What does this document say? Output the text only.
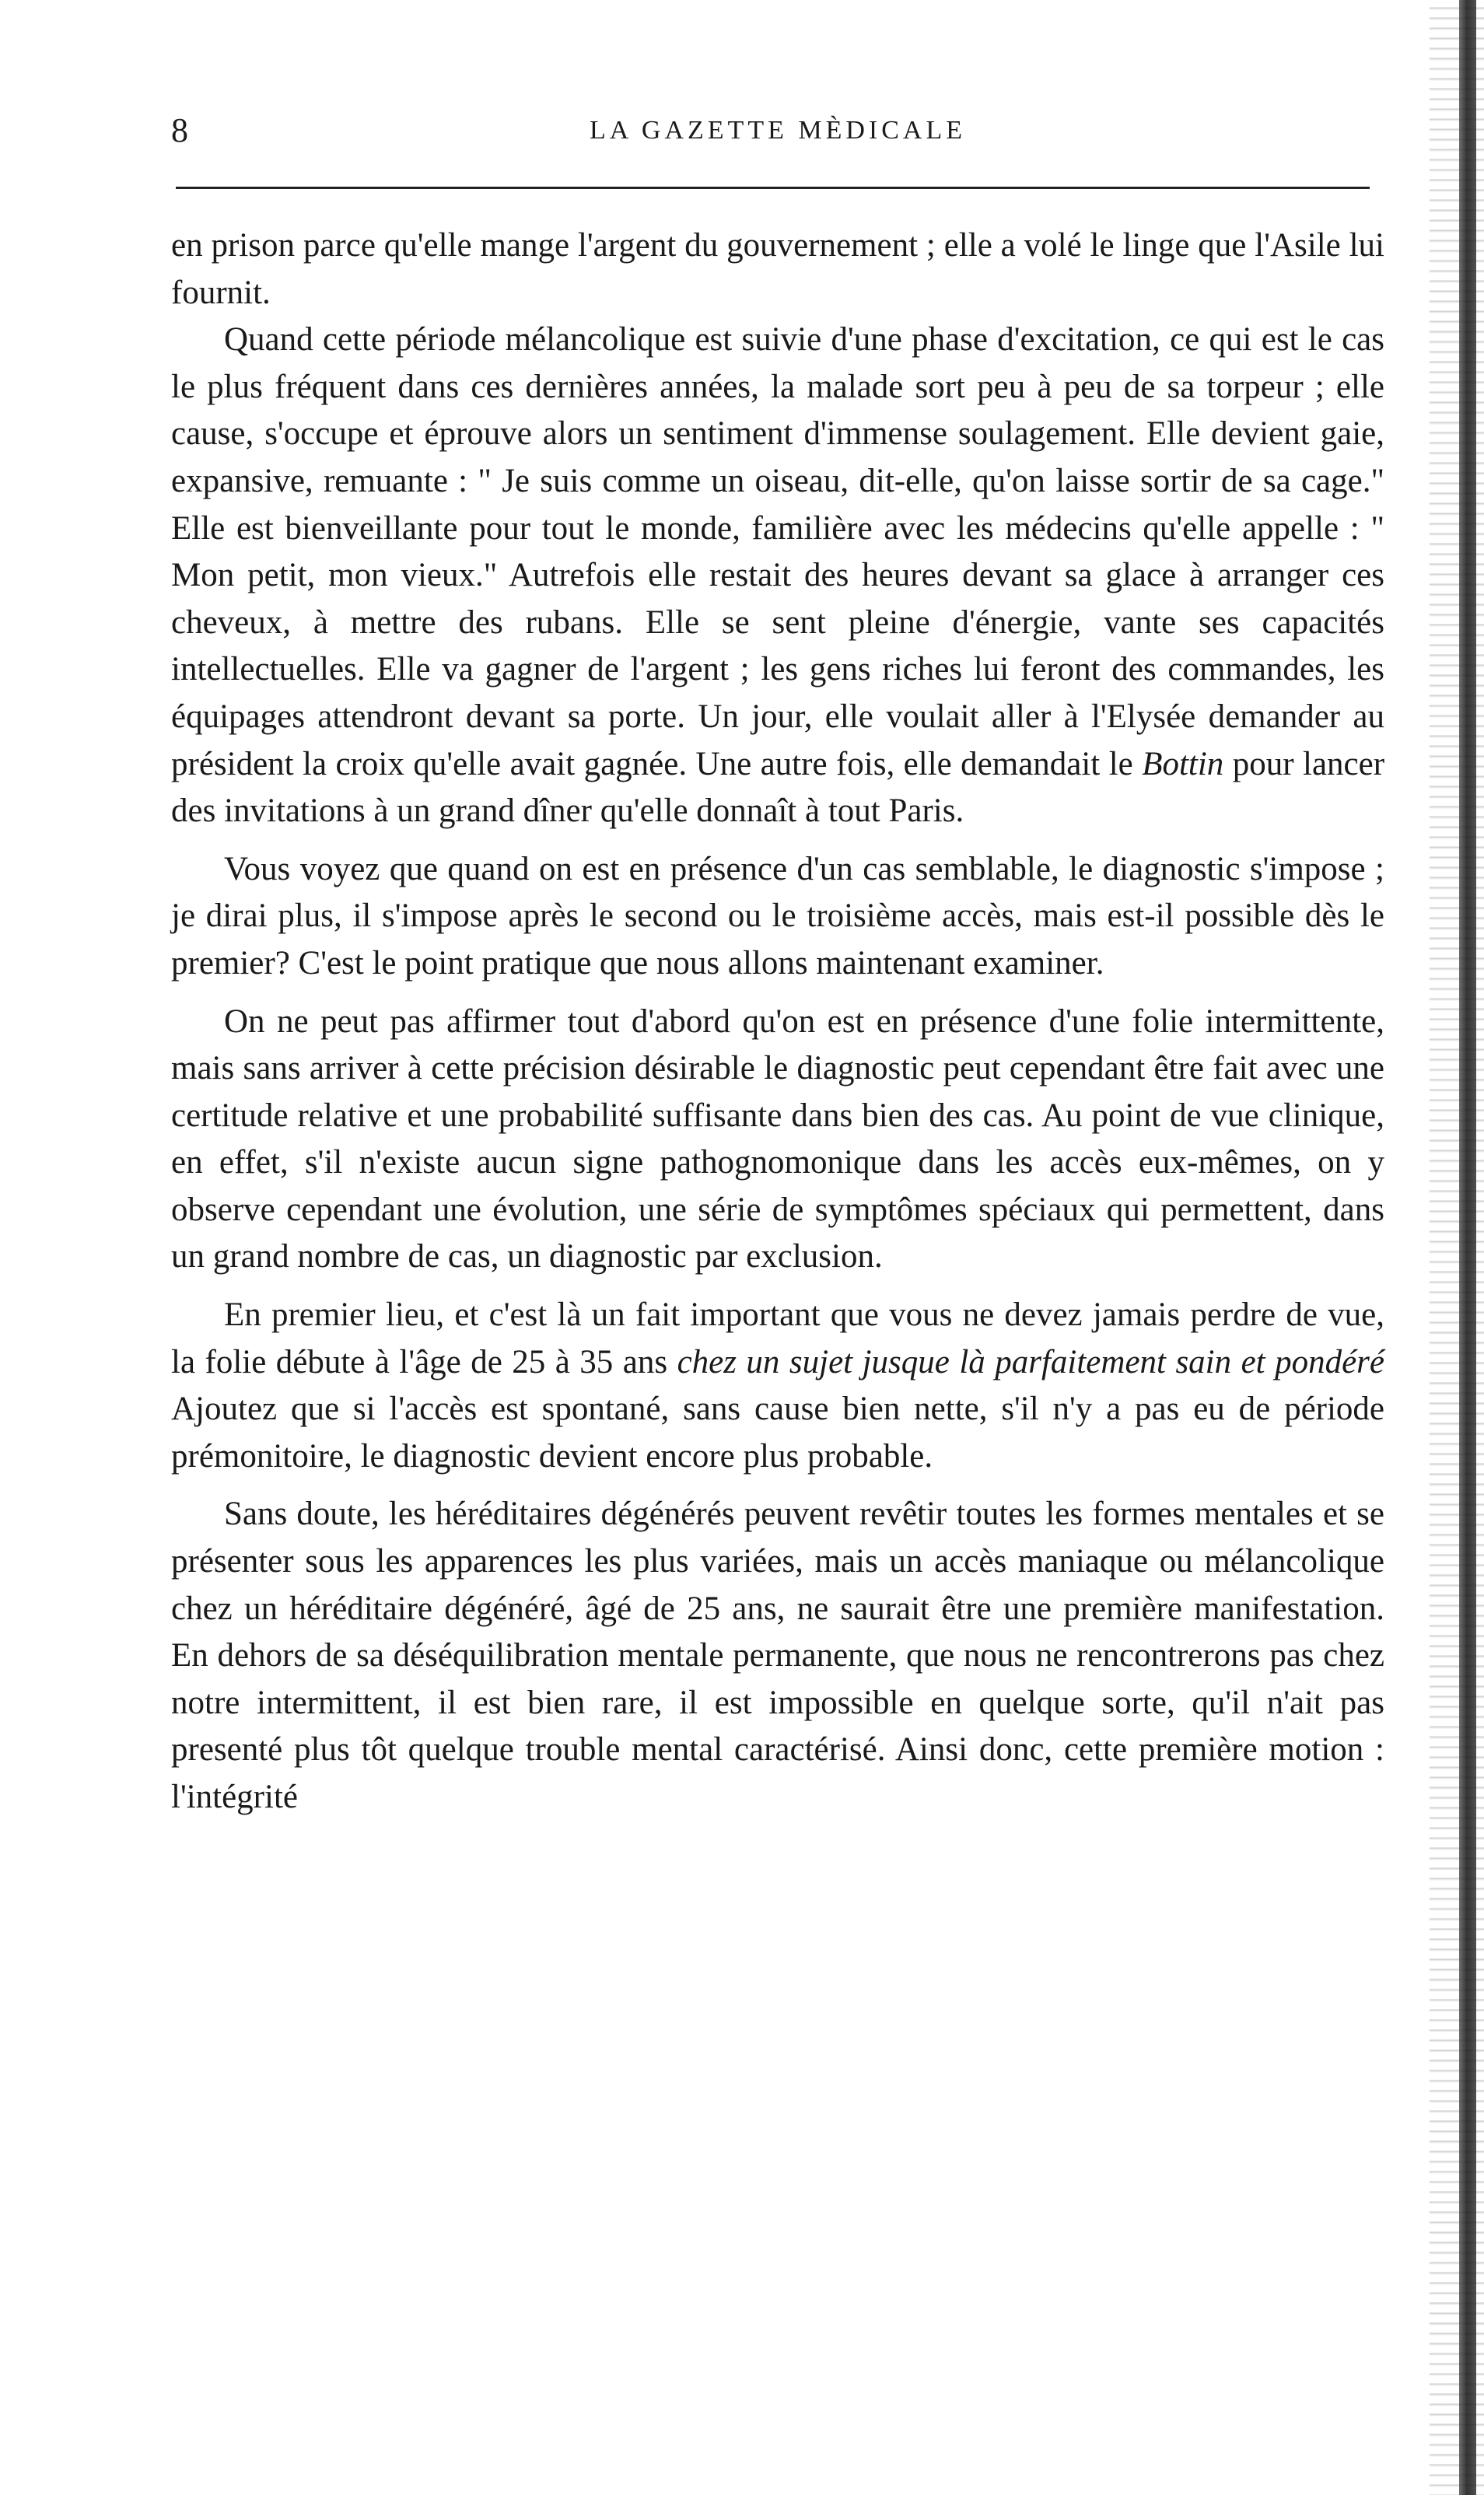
8	LA GAZETTE MÈDICALE

en prison parce qu'elle mange l'argent du gouvernement ; elle a volé le linge que l'Asile lui fournit.

Quand cette période mélancolique est suivie d'une phase d'excitation, ce qui est le cas le plus fréquent dans ces dernières années, la malade sort peu à peu de sa torpeur ; elle cause, s'occupe et éprouve alors un sentiment d'immense soulagement. Elle devient gaie, expansive, remuante : " Je suis comme un oiseau, dit-elle, qu'on laisse sortir de sa cage." Elle est bienveillante pour tout le monde, familière avec les médecins qu'elle appelle : " Mon petit, mon vieux." Autrefois elle restait des heures devant sa glace à arranger ces cheveux, à mettre des rubans. Elle se sent pleine d'énergie, vante ses capacités intellectuelles. Elle va gagner de l'argent ; les gens riches lui feront des commandes, les équipages attendront devant sa porte. Un jour, elle voulait aller à l'Elysée demander au président la croix qu'elle avait gagnée. Une autre fois, elle demandait le Bottin pour lancer des invitations à un grand dîner qu'elle donnaît à tout Paris.

Vous voyez que quand on est en présence d'un cas semblable, le diagnostic s'impose ; je dirai plus, il s'impose après le second ou le troisième accès, mais est-il possible dès le premier? C'est le point pratique que nous allons maintenant examiner.

On ne peut pas affirmer tout d'abord qu'on est en présence d'une folie intermittente, mais sans arriver à cette précision désirable le diagnostic peut cependant être fait avec une certitude relative et une probabilité suffisante dans bien des cas. Au point de vue clinique, en effet, s'il n'existe aucun signe pathognomonique dans les accès eux-mêmes, on y observe cependant une évolution, une série de symptômes spéciaux qui permettent, dans un grand nombre de cas, un diagnostic par exclusion.

En premier lieu, et c'est là un fait important que vous ne devez jamais perdre de vue, la folie débute à l'âge de 25 à 35 ans chez un sujet jusque là parfaitement sain et pondéré Ajoutez que si l'accès est spontané, sans cause bien nette, s'il n'y a pas eu de période prémonitoire, le diagnostic devient encore plus probable.

Sans doute, les héréditaires dégénérés peuvent revêtir toutes les formes mentales et se présenter sous les apparences les plus variées, mais un accès maniaque ou mélancolique chez un héréditaire dégénéré, âgé de 25 ans, ne saurait être une première manifestation. En dehors de sa déséquilibration mentale permanente, que nous ne rencontrerons pas chez notre intermittent, il est bien rare, il est impossible en quelque sorte, qu'il n'ait pas presenté plus tôt quelque trouble mental caractérisé. Ainsi donc, cette première motion : l'intégrité
